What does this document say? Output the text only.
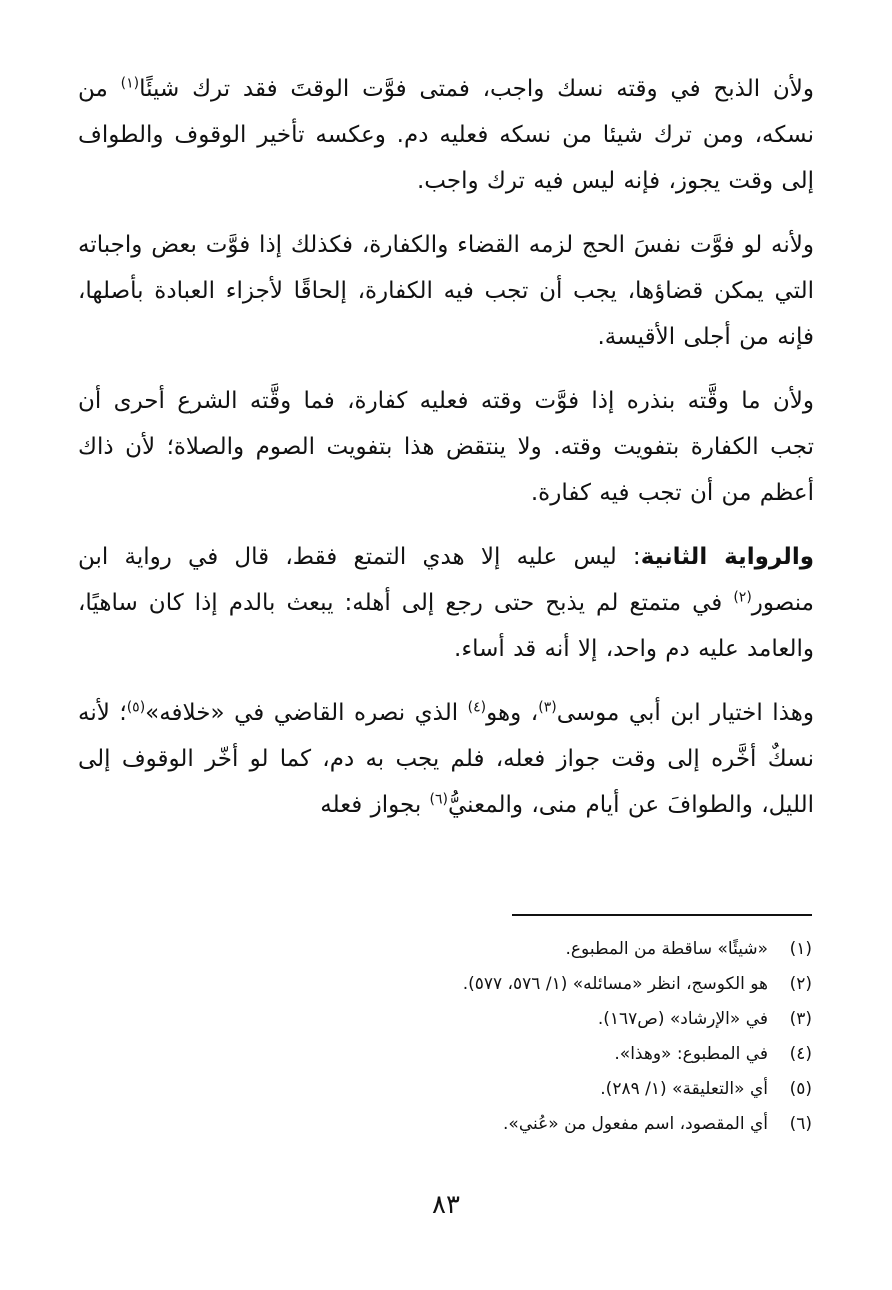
ولأن الذبح في وقته نسك واجب، فمتى فوَّت الوقتَ فقد ترك شيئًا$^{(١)}$ من نسكه، ومن ترك شيئا من نسكه فعليه دم. وعكسه تأخير الوقوف والطواف إلى وقت يجوز، فإنه ليس فيه ترك واجب.

ولأنه لو فوَّت نفسَ الحج لزمه القضاء والكفارة، فكذلك إذا فوَّت بعض واجباته التي يمكن قضاؤها، يجب أن تجب فيه الكفارة، إلحاقًا لأجزاء العبادة بأصلها، فإنه من أجلى الأقيسة.

ولأن ما وقَّته بنذره إذا فوَّت وقته فعليه كفارة، فما وقَّته الشرع أحرى أن تجب الكفارة بتفويت وقته. ولا ينتقض هذا بتفويت الصوم والصلاة؛ لأن ذاك أعظم من أن تجب فيه كفارة.

والرواية الثانية: ليس عليه إلا هدي التمتع فقط، قال في رواية ابن منصور$^{(٢)}$ في متمتع لم يذبح حتى رجع إلى أهله: يبعث بالدم إذا كان ساهيًا، والعامد عليه دم واحد، إلا أنه قد أساء.

وهذا اختيار ابن أبي موسى$^{(٣)}$، وهو$^{(٤)}$ الذي نصره القاضي في «خلافه»$^{(٥)}$؛ لأنه نسكٌ أخَّره إلى وقت جواز فعله، فلم يجب به دم، كما لو أخّر الوقوف إلى الليل، والطوافَ عن أيام منى، والمعنيُّ$^{(٦)}$ بجواز فعله

(١)«شيئًا» ساقطة من المطبوع.
(٢)هو الكوسج، انظر «مسائله» (١/ ٥٧٦، ٥٧٧).
(٣)في «الإرشاد» (ص١٦٧).
(٤)في المطبوع: «وهذا».
(٥)أي «التعليقة» (١/ ٢٨٩).
(٦)أي المقصود، اسم مفعول من «عُني».
٨٣
